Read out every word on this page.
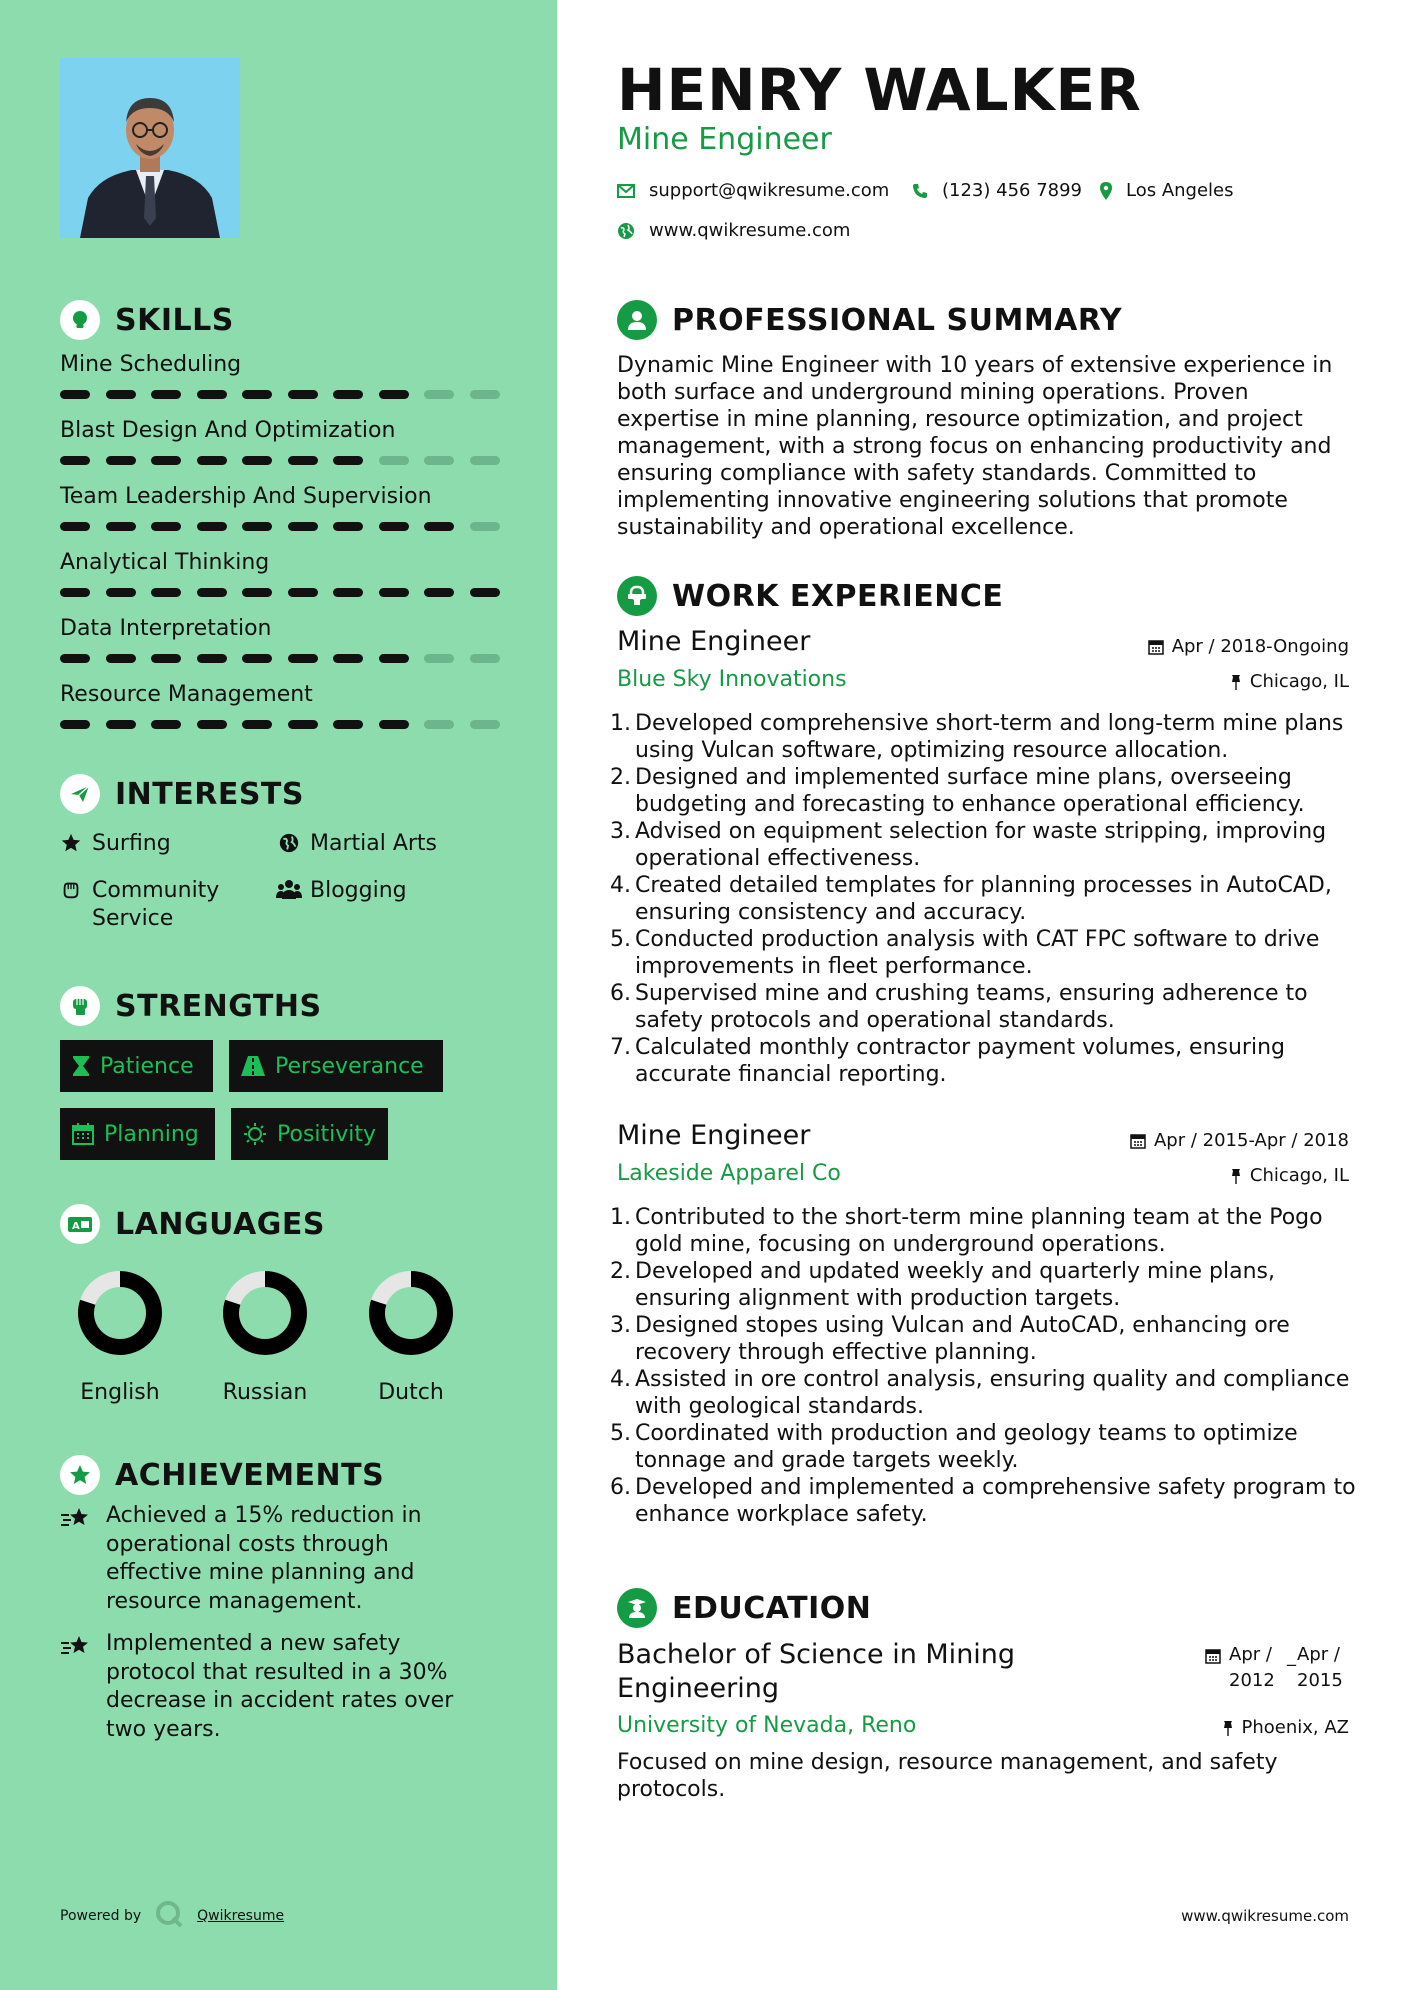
SKILLS
Mine Scheduling
Blast Design And Optimization
Team Leadership And Supervision
Analytical Thinking
Data Interpretation
Resource Management
INTERESTS
Surfing	Martial Arts
Community Service
Blogging
STRENGTHS
Patience	Perseverance
Planning	Positivity
A LANGUAGES
English	Russian	Dutch
ACHIEVEMENTS
Achieved a 15% reduction in operational costs through effective mine planning and resource management.
Implemented a new safety protocol that resulted in a 30% decrease in accident rates over two years.
Powered by	Qwikresume
HENRY WALKER
Mine Engineer
support@qwikresume.com	(123) 456 7899 Los Angeles
www.qwikresume.com
PROFESSIONAL SUMMARY
Dynamic Mine Engineer with 10 years of extensive experience in both surface and underground mining operations. Proven expertise in mine planning, resource optimization, and project management, with a strong focus on enhancing productivity and ensuring compliance with safety standards. Committed to implementing innovative engineering solutions that promote sustainability and operational excellence.
WORK EXPERIENCE
Mine Engineer	Apr / 2018-Ongoing
Blue Sky Innovations	Chicago, IL
1. Developed comprehensive short-term and long-term mine plans using Vulcan software, optimizing resource allocation.
2. Designed and implemented surface mine plans, overseeing budgeting and forecasting to enhance operational efficiency.
3. Advised on equipment selection for waste stripping, improving operational effectiveness.
4. Created detailed templates for planning processes in AutoCAD, ensuring consistency and accuracy.
5. Conducted production analysis with CAT FPC software to drive improvements in fleet performance.
6. Supervised mine and crushing teams, ensuring adherence to safety protocols and operational standards.
7. Calculated monthly contractor payment volumes, ensuring accurate financial reporting.
Mine Engineer	Apr / 2015-Apr / 2018
Lakeside Apparel Co	Chicago, IL
1. Contributed to the short-term mine planning team at the Pogo gold mine, focusing on underground operations.
2. Developed and updated weekly and quarterly mine plans, ensuring alignment with production targets.
3. Designed stopes using Vulcan and AutoCAD, enhancing ore recovery through effective planning.
4. Assisted in ore control analysis, ensuring quality and compliance with geological standards.
5. Coordinated with production and geology teams to optimize tonnage and grade targets weekly.
6. Developed and implemented a comprehensive safety program to enhance workplace safety.
EDUCATION
Bachelor of Science in Mining Engineering
Apr / 2012
_ Apr / 2015
University of Nevada, Reno	Phoenix, AZ
Focused on mine design, resource management, and safety protocols.
www.qwikresume.com
